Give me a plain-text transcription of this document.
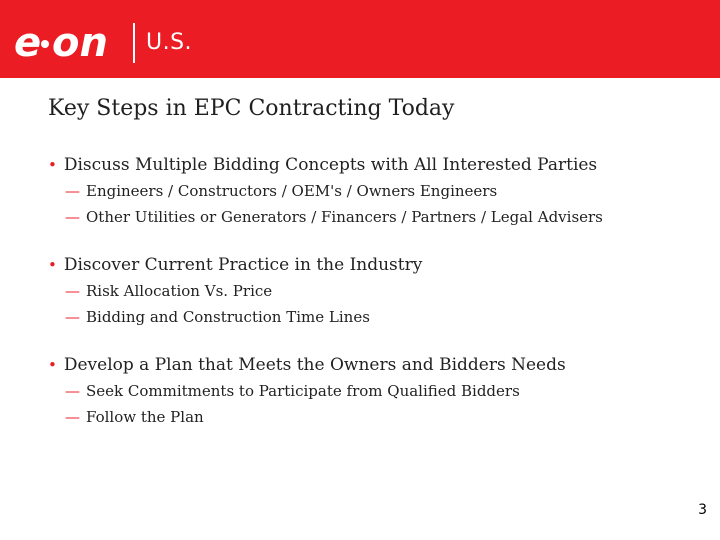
e on U.S.
Key Steps in EPC Contracting Today
• Discuss Multiple Bidding Concepts with All Interested Parties
— Engineers / Constructors / OEM's / Owners Engineers
— Other Utilities or Generators / Financers / Partners / Legal Advisers
• Discover Current Practice in the Industry
— Risk Allocation Vs. Price
— Bidding and Construction Time Lines
• Develop a Plan that Meets the Owners and Bidders Needs
— Seek Commitments to Participate from Qualified Bidders
— Follow the Plan
3
